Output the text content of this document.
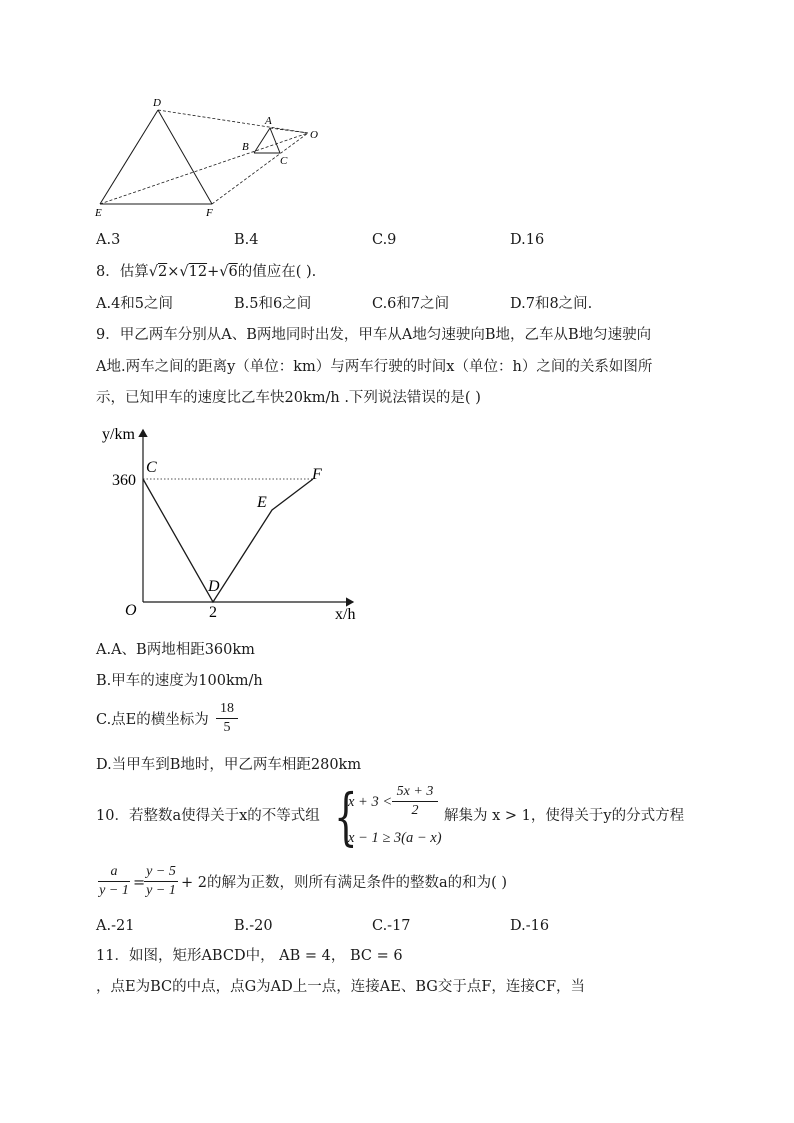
D
A
O
B
C
E	F
A.3	B.4	C.9	D.16
8．估算√2×√12+√6的值应在( ).
A.4和5之间	B.5和6之间	C.6和7之间	D.7和8之间.
9．甲乙两车分别从A、B两地同时出发，甲车从A地匀速驶向B地，乙车从B地匀速驶向
A地.两车之间的距离y（单位：km）与两车行驶的时间x（单位：h）之间的关系如图所
示，已知甲车的速度比乙车快20km/h .下列说法错误的是( )
y/km
x/h
O
360
2
C
D
E
F
A.A、B两地相距360km
B.甲车的速度为100km/h
C.点E的横坐标为
18
5
D.当甲车到B地时，甲乙两车相距280km
10．若整数a使得关于x的不等式组 {
x + 3 <
5x + 3
2
x − 1 ≥ 3(a − x)
解集为 x > 1，使得关于y的分式方程
a
y − 1 =
y − 5
y − 1 + 2的解为正数，则所有满足条件的整数a的和为( )
A.-21	B.-20	C.-17	D.-16
11．如图，矩形ABCD中， AB = 4， BC = 6
，点E为BC的中点，点G为AD上一点，连接AE、BG交于点F，连接CF，当
